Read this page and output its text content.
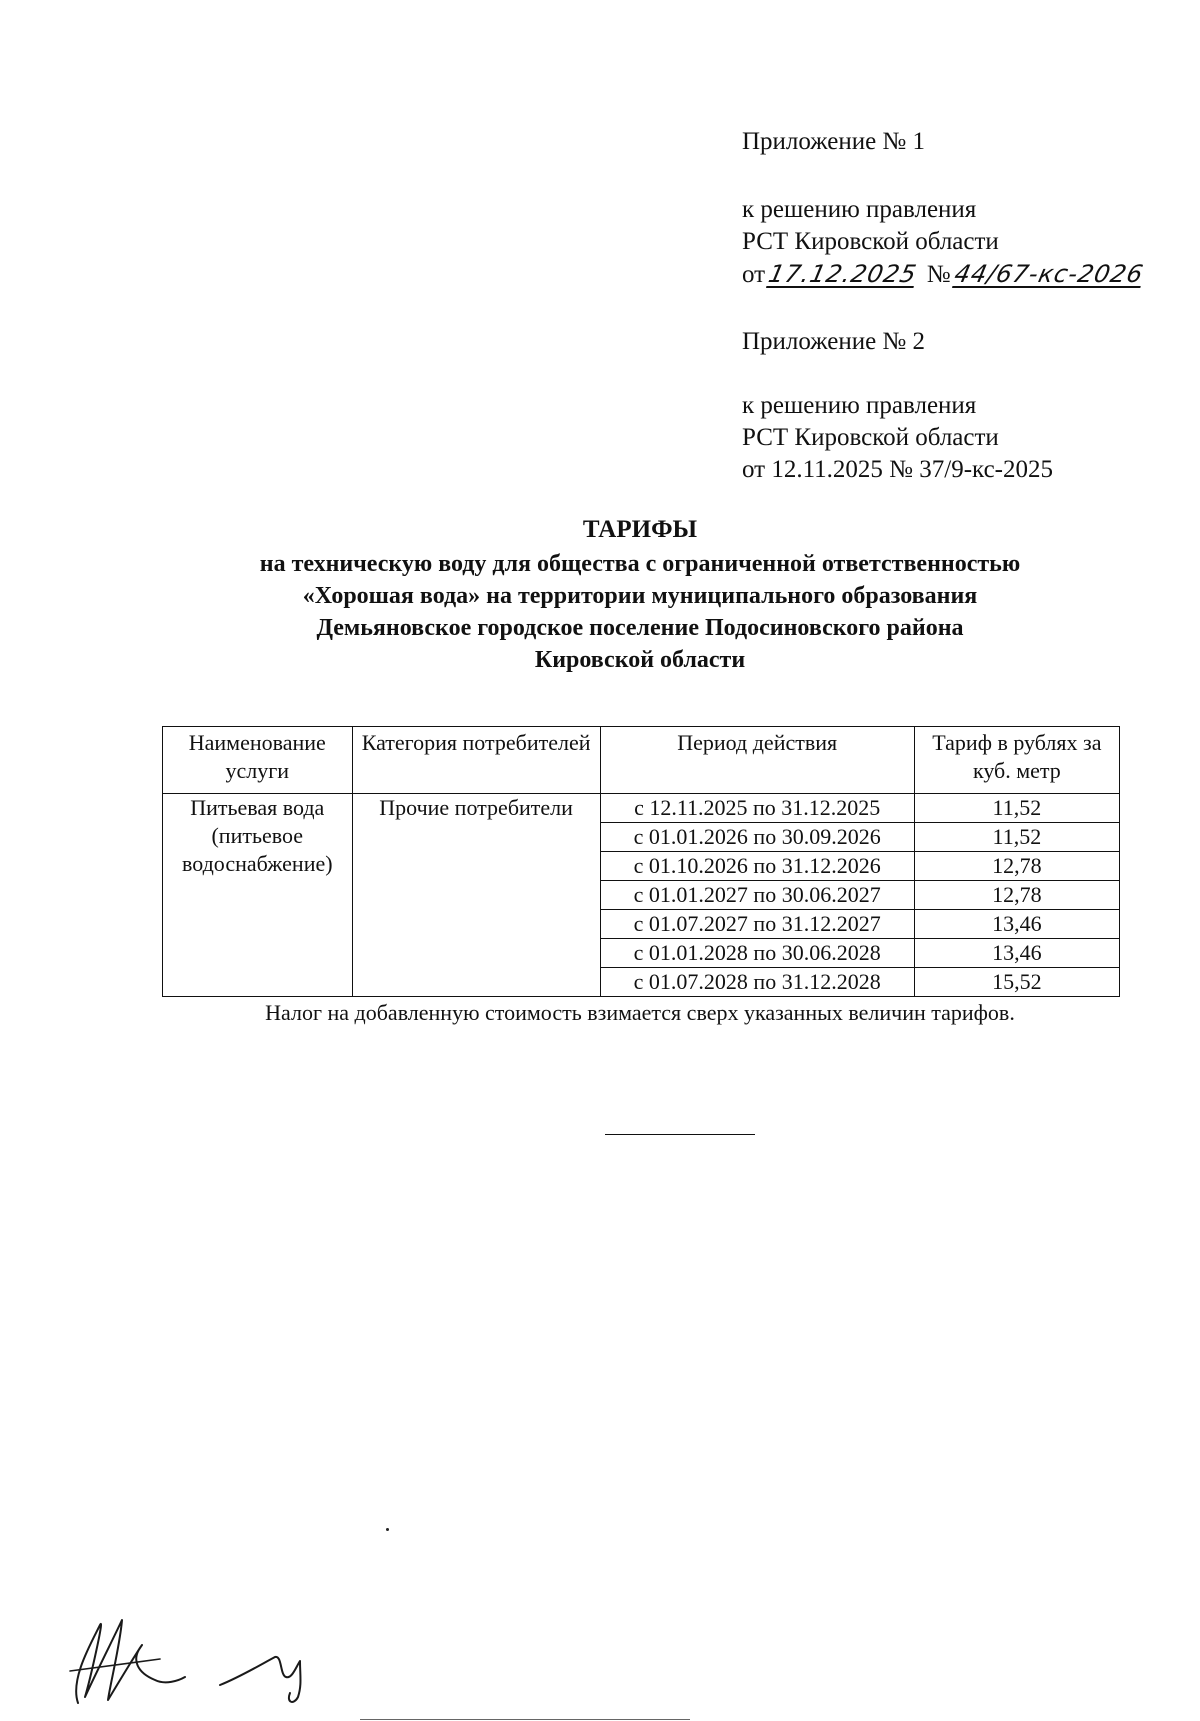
Приложение № 1

к решению правления

РСТ Кировской области

от17.12.2025 №44/67-кс-2026

Приложение № 2

к решению правления

РСТ Кировской области

от 12.11.2025 № 37/9-кс-2025

ТАРИФЫ
на техническую воду для общества с ограниченной ответственностью
«Хорошая вода» на территории муниципального образования
Демьяновское городское поселение Подосиновского района
Кировской области
Наименование услуги	Категория потребителей	Период действия	Тариф в рублях за куб. метр
Питьевая вода (питьевое водоснабжение)	Прочие потребители	с 12.11.2025 по 31.12.2025	11,52
		с 01.01.2026 по 30.09.2026	11,52
		с 01.10.2026 по 31.12.2026	12,78
		с 01.01.2027 по 30.06.2027	12,78
		с 01.07.2027 по 31.12.2027	13,46
		с 01.01.2028 по 30.06.2028	13,46
		с 01.07.2028 по 31.12.2028	15,52
Налог на добавленную стоимость взимается сверх указанных величин тарифов.
